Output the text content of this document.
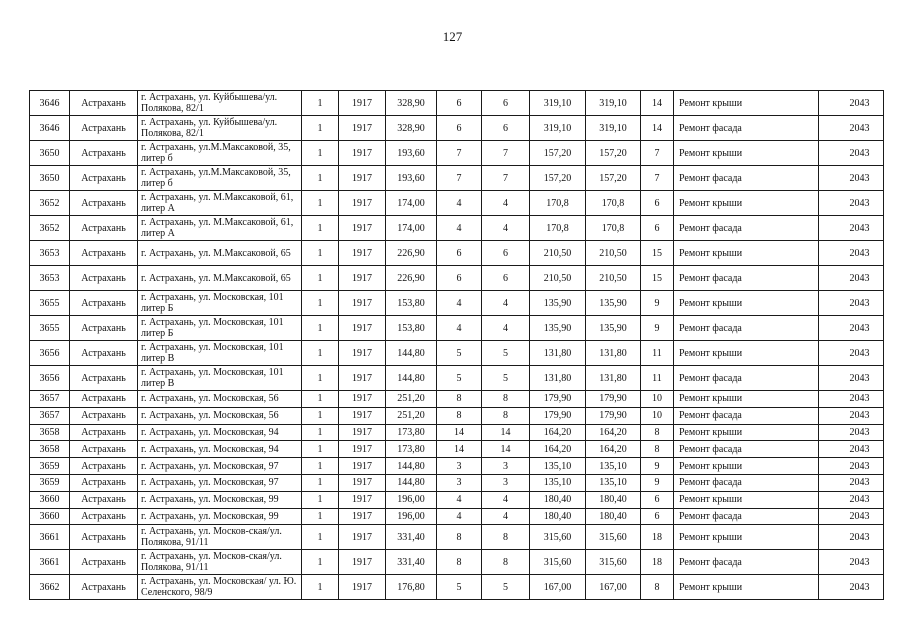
127
3646	Астрахань	г. Астрахань, ул. Куйбышева/ул. Полякова, 82/1	1	1917	328,90	6	6	319,10	319,10	14	Ремонт крыши	2043
3646	Астрахань	г. Астрахань, ул. Куйбышева/ул. Полякова, 82/1	1	1917	328,90	6	6	319,10	319,10	14	Ремонт фасада	2043
3650	Астрахань	г. Астрахань, ул.М.Максаковой, 35, литер б	1	1917	193,60	7	7	157,20	157,20	7	Ремонт крыши	2043
3650	Астрахань	г. Астрахань, ул.М.Максаковой, 35, литер б	1	1917	193,60	7	7	157,20	157,20	7	Ремонт фасада	2043
3652	Астрахань	г. Астрахань, ул. М.Максаковой, 61, литер А	1	1917	174,00	4	4	170,8	170,8	6	Ремонт крыши	2043
3652	Астрахань	г. Астрахань, ул. М.Максаковой, 61, литер А	1	1917	174,00	4	4	170,8	170,8	6	Ремонт фасада	2043
3653	Астрахань	г. Астрахань, ул. М.Максаковой, 65	1	1917	226,90	6	6	210,50	210,50	15	Ремонт крыши	2043
3653	Астрахань	г. Астрахань, ул. М.Максаковой, 65	1	1917	226,90	6	6	210,50	210,50	15	Ремонт фасада	2043
3655	Астрахань	г. Астрахань, ул. Московская, 101 литер Б	1	1917	153,80	4	4	135,90	135,90	9	Ремонт крыши	2043
3655	Астрахань	г. Астрахань, ул. Московская, 101 литер Б	1	1917	153,80	4	4	135,90	135,90	9	Ремонт фасада	2043
3656	Астрахань	г. Астрахань, ул. Московская, 101 литер В	1	1917	144,80	5	5	131,80	131,80	11	Ремонт крыши	2043
3656	Астрахань	г. Астрахань, ул. Московская, 101 литер В	1	1917	144,80	5	5	131,80	131,80	11	Ремонт фасада	2043
3657	Астрахань	г. Астрахань, ул. Московская, 56	1	1917	251,20	8	8	179,90	179,90	10	Ремонт крыши	2043
3657	Астрахань	г. Астрахань, ул. Московская, 56	1	1917	251,20	8	8	179,90	179,90	10	Ремонт фасада	2043
3658	Астрахань	г. Астрахань, ул. Московская, 94	1	1917	173,80	14	14	164,20	164,20	8	Ремонт крыши	2043
3658	Астрахань	г. Астрахань, ул. Московская, 94	1	1917	173,80	14	14	164,20	164,20	8	Ремонт фасада	2043
3659	Астрахань	г. Астрахань, ул. Московская, 97	1	1917	144,80	3	3	135,10	135,10	9	Ремонт крыши	2043
3659	Астрахань	г. Астрахань, ул. Московская, 97	1	1917	144,80	3	3	135,10	135,10	9	Ремонт фасада	2043
3660	Астрахань	г. Астрахань, ул. Московская, 99	1	1917	196,00	4	4	180,40	180,40	6	Ремонт крыши	2043
3660	Астрахань	г. Астрахань, ул. Московская, 99	1	1917	196,00	4	4	180,40	180,40	6	Ремонт фасада	2043
3661	Астрахань	г. Астрахань, ул. Москов-ская/ул. Полякова, 91/11	1	1917	331,40	8	8	315,60	315,60	18	Ремонт крыши	2043
3661	Астрахань	г. Астрахань, ул. Москов-ская/ул. Полякова, 91/11	1	1917	331,40	8	8	315,60	315,60	18	Ремонт фасада	2043
3662	Астрахань	г. Астрахань, ул. Московская/ ул. Ю. Селенского, 98/9	1	1917	176,80	5	5	167,00	167,00	8	Ремонт крыши	2043
